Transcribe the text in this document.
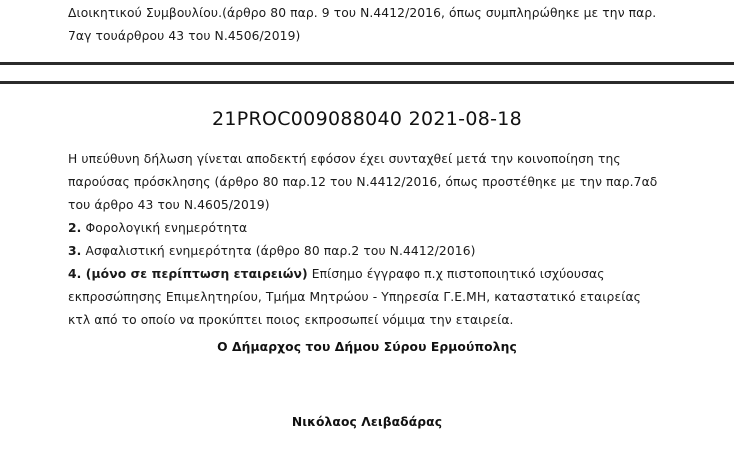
Διοικητικού Συμβουλίου.(άρθρο 80 παρ. 9 του Ν.4412/2016, όπως συμπληρώθηκε με την παρ. 7αγ τουάρθρου 43 του Ν.4506/2019)

21PROC009088040 2021-08-18

Η υπεύθυνη δήλωση γίνεται αποδεκτή εφόσον έχει συνταχθεί μετά την κοινοποίηση της παρούσας πρόσκλησης (άρθρο 80 παρ.12 του Ν.4412/2016, όπως προστέθηκε με την παρ.7αδ του άρθρο 43 του Ν.4605/2019)

2. Φορολογική ενημερότητα

3. Ασφαλιστική ενημερότητα (άρθρο 80 παρ.2 του Ν.4412/2016)

4. (μόνο σε περίπτωση εταιρειών) Επίσημο έγγραφο π.χ πιστοποιητικό ισχύουσας εκπροσώπησης Επιμελητηρίου, Τμήμα Μητρώου - Υπηρεσία Γ.Ε.ΜΗ, καταστατικό εταιρείας κτλ από το οποίο να προκύπτει ποιος εκπροσωπεί νόμιμα την εταιρεία.

Ο Δήμαρχος του Δήμου Σύρου Ερμούπολης
Νικόλαος Λειβαδάρας
